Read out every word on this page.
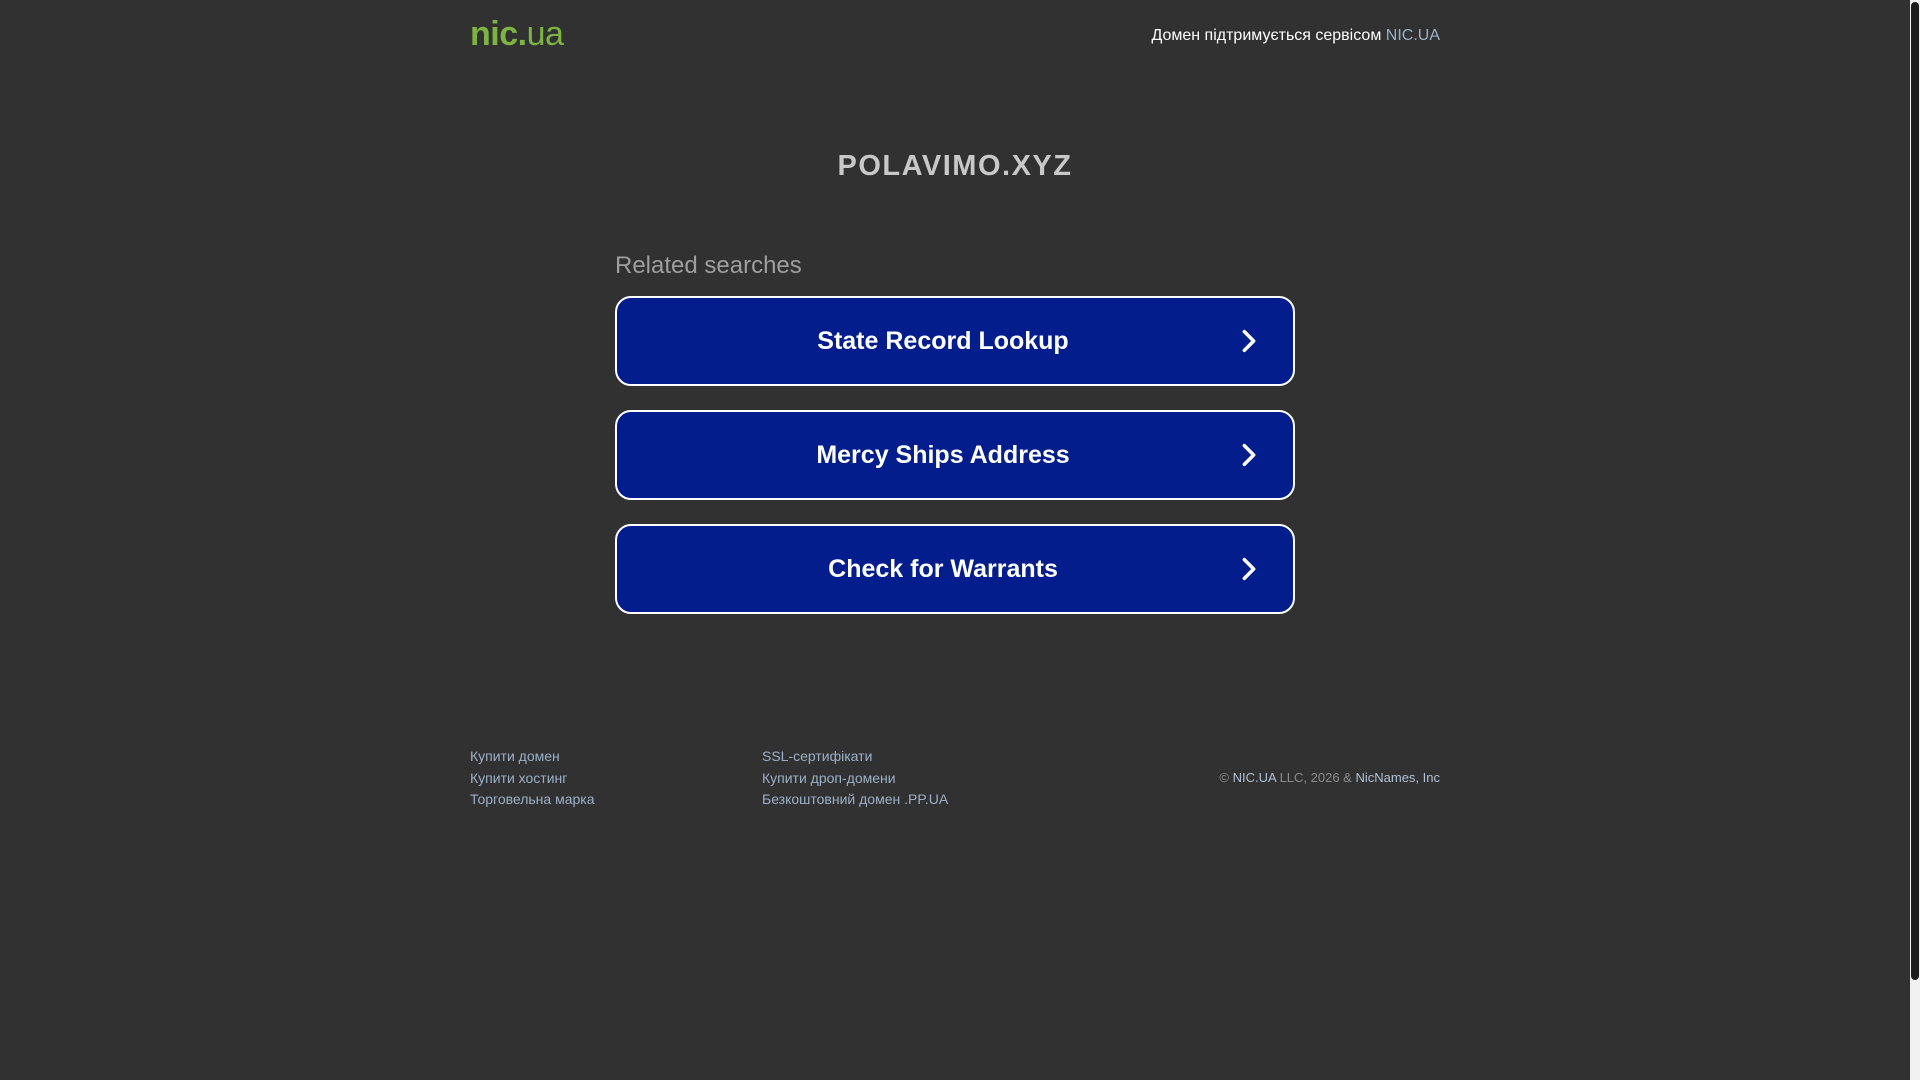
nic.ua	Домен підтримується сервісом NIC.UA
POLAVIMO.XYZ
Related searches
State Record Lookup
Mercy Ships Address
Check for Warrants
Купити домен
Купити хостинг
Торговельна марка
SSL-сертифікати
Купити дроп-домени
Безкоштовний домен .PP.UA
© NIC.UA LLC, 2026 & NicNames, Inc
